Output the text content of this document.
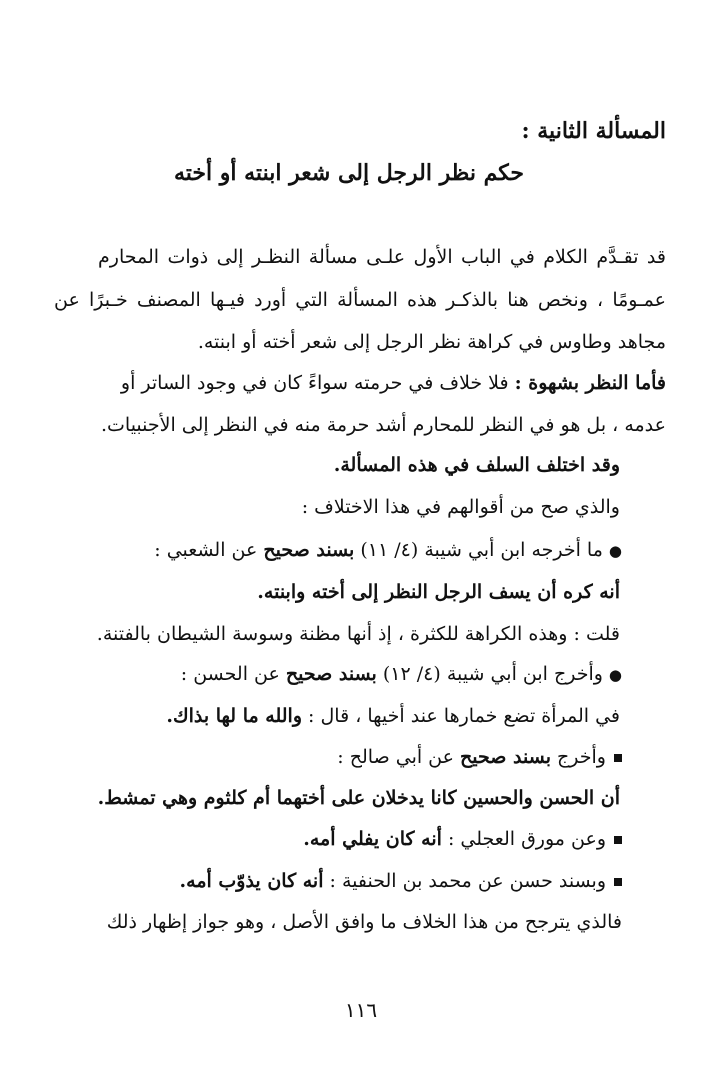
المسألة الثانية :
حكم نظر الرجل إلى شعر ابنته أو أخته
قد تقـدَّم الكلام في الباب الأول علـى مسألة النظـر إلى ذوات المحارم
عمـومًا ، ونخص هنا بالذكـر هذه المسألة التي أورد فيـها المصنف خـبرًا عن
مجاهد وطاوس في كراهة نظر الرجل إلى شعر أخته أو ابنته.
فأما النظر بشهوة : فلا خلاف في حرمته سواءً كان في وجود الساتر أو
عدمه ، بل هو في النظر للمحارم أشد حرمة منه في النظر إلى الأجنبيات.
وقد اختلف السلف في هذه المسألة.
والذي صح من أقوالهم في هذا الاختلاف :
●ما أخرجه ابن أبي شيبة (٤/ ١١) بسند صحيح عن الشعبي :
أنه كره أن يسف الرجل النظر إلى أخته وابنته.
قلت : وهذه الكراهة للكثرة ، إذ أنها مظنة وسوسة الشيطان بالفتنة.
●وأخرج ابن أبي شيبة (٤/ ١٢) بسند صحيح عن الحسن :
في المرأة تضع خمارها عند أخيها ، قال : والله ما لها بذاك.
وأخرج بسند صحيح عن أبي صالح :
أن الحسن والحسين كانا يدخلان على أختهما أم كلثوم وهي تمشط.
وعن مورق العجلي : أنه كان يفلي أمه.
وبسند حسن عن محمد بن الحنفية : أنه كان يذوّب أمه.
فالذي يترجح من هذا الخلاف ما وافق الأصل ، وهو جواز إظهار ذلك
١١٦
